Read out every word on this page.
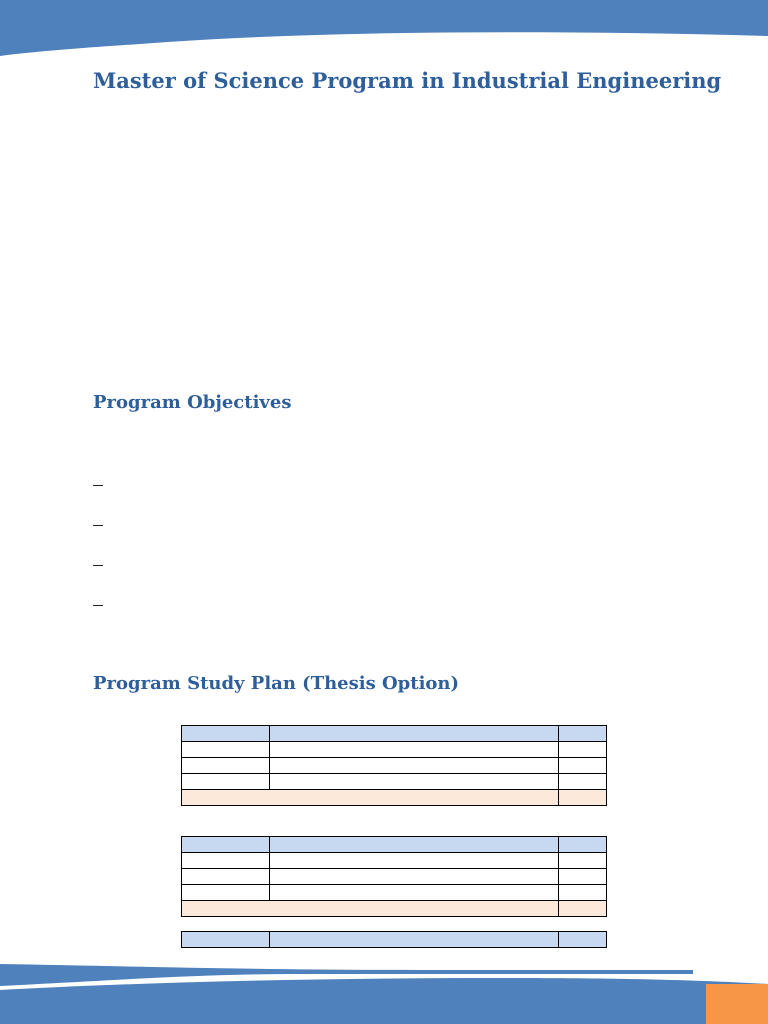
Master of Science Program in Industrial Engineering
Program Objectives
Program Study Plan (Thesis Option)
